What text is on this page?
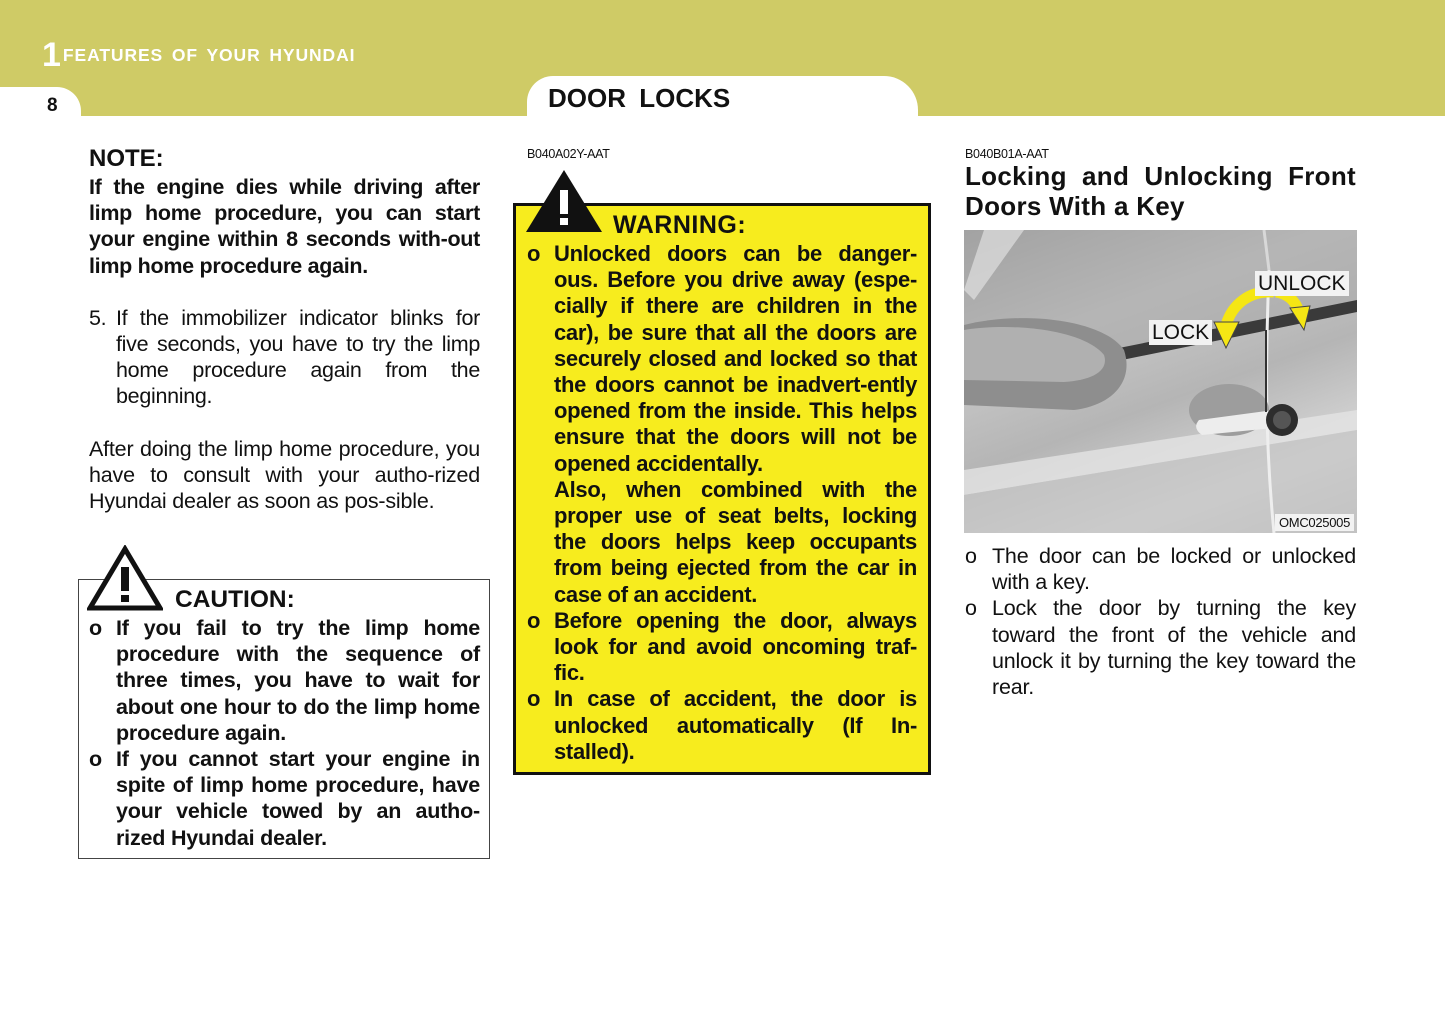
1 FEATURES OF YOUR HYUNDAI
8	DOOR LOCKS
NOTE:
If the engine dies while driving after limp home procedure, you can start your engine within 8 seconds with-out limp home procedure again.
5. If the immobilizer indicator blinks for five seconds, you have to try the limp home procedure again from the beginning.
After doing the limp home procedure, you have to consult with your autho-rized Hyundai dealer as soon as pos-sible.
CAUTION:
o If you fail to try the limp home procedure with the sequence of three times, you have to wait for about one hour to do the limp home procedure again.
o If you cannot start your engine in spite of limp home procedure, have your vehicle towed by an autho-rized Hyundai dealer.
B040A02Y-AAT
WARNING:
o Unlocked doors can be danger-ous. Before you drive away (espe-cially if there are children in the car), be sure that all the doors are securely closed and locked so that the doors cannot be inadvert-ently opened from the inside. This helps ensure that the doors will not be opened accidentally.
Also, when combined with the proper use of seat belts, locking the doors helps keep occupants from being ejected from the car in case of an accident.
o Before opening the door, always look for and avoid oncoming traf-fic.
o In case of accident, the door is unlocked automatically (If In-stalled).
B040B01A-AAT
Locking and Unlocking Front Doors With a Key
UNLOCK
LOCK
OMC025005
o The door can be locked or unlocked with a key.
o Lock the door by turning the key toward the front of the vehicle and unlock it by turning the key toward the rear.
